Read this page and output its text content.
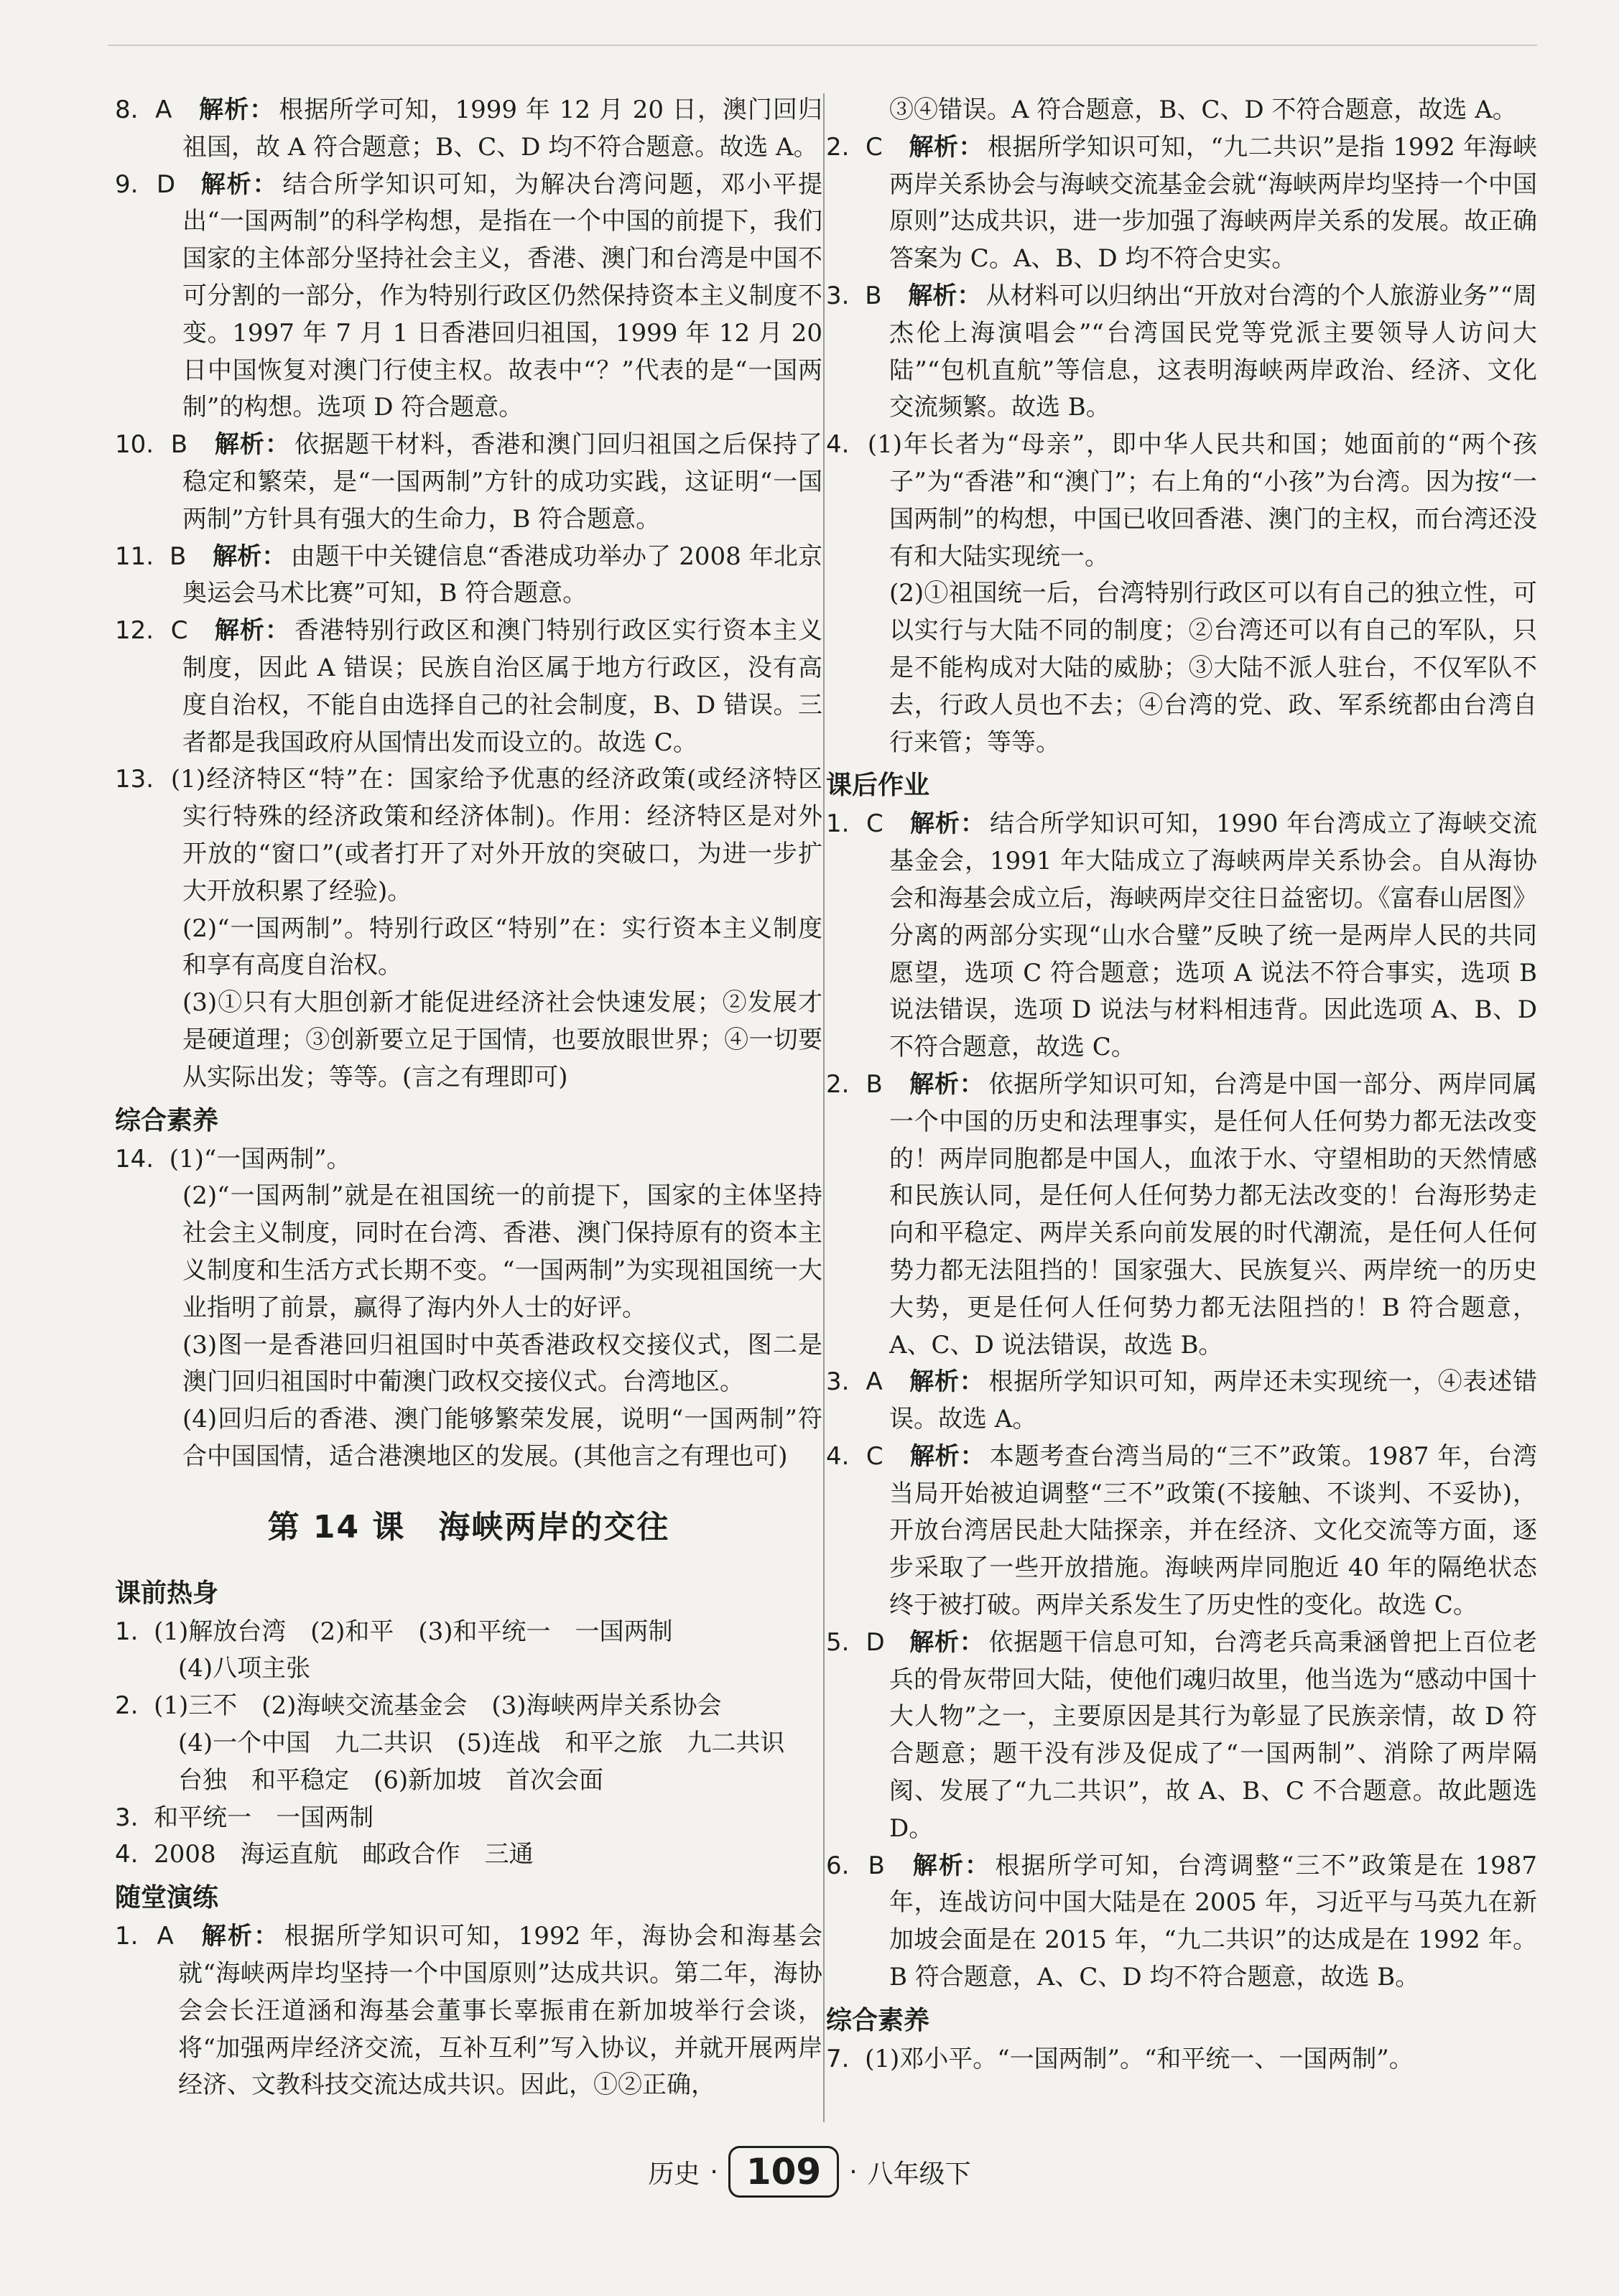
8. A 解析： 根据所学可知，1999 年 12 月 20 日，澳门回归祖国，故 A 符合题意；B、C、D 均不符合题意。故选 A。

9. D 解析： 结合所学知识可知，为解决台湾问题，邓小平提出“一国两制”的科学构想，是指在一个中国的前提下，我们国家的主体部分坚持社会主义，香港、澳门和台湾是中国不可分割的一部分，作为特别行政区仍然保持资本主义制度不变。1997 年 7 月 1 日香港回归祖国，1999 年 12 月 20 日中国恢复对澳门行使主权。故表中“？”代表的是“一国两制”的构想。选项 D 符合题意。

10. B 解析： 依据题干材料，香港和澳门回归祖国之后保持了稳定和繁荣，是“一国两制”方针的成功实践，这证明“一国两制”方针具有强大的生命力，B 符合题意。

11. B 解析： 由题干中关键信息“香港成功举办了 2008 年北京奥运会马术比赛”可知，B 符合题意。

12. C 解析： 香港特别行政区和澳门特别行政区实行资本主义制度，因此 A 错误；民族自治区属于地方行政区，没有高度自治权，不能自由选择自己的社会制度，B、D 错误。三者都是我国政府从国情出发而设立的。故选 C。

13. (1)经济特区“特”在：国家给予优惠的经济政策(或经济特区实行特殊的经济政策和经济体制)。作用：经济特区是对外开放的“窗口”(或者打开了对外开放的突破口，为进一步扩大开放积累了经验)。

(2)“一国两制”。特别行政区“特别”在：实行资本主义制度和享有高度自治权。

(3)①只有大胆创新才能促进经济社会快速发展；②发展才是硬道理；③创新要立足于国情，也要放眼世界；④一切要从实际出发；等等。(言之有理即可)

综合素养

14. (1)“一国两制”。

(2)“一国两制”就是在祖国统一的前提下，国家的主体坚持社会主义制度，同时在台湾、香港、澳门保持原有的资本主义制度和生活方式长期不变。“一国两制”为实现祖国统一大业指明了前景，赢得了海内外人士的好评。

(3)图一是香港回归祖国时中英香港政权交接仪式，图二是澳门回归祖国时中葡澳门政权交接仪式。台湾地区。

(4)回归后的香港、澳门能够繁荣发展，说明“一国两制”符合中国国情，适合港澳地区的发展。(其他言之有理也可)

第 14 课　海峡两岸的交往

课前热身

1. (1)解放台湾　(2)和平　(3)和平统一　一国两制

(4)八项主张

2. (1)三不　(2)海峡交流基金会　(3)海峡两岸关系协会

(4)一个中国　九二共识　(5)连战　和平之旅　九二共识

台独　和平稳定　(6)新加坡　首次会面

3. 和平统一　一国两制

4. 2008　海运直航　邮政合作　三通

随堂演练

1. A 解析： 根据所学知识可知，1992 年，海协会和海基会就“海峡两岸均坚持一个中国原则”达成共识。第二年，海协会会长汪道涵和海基会董事长辜振甫在新加坡举行会谈，将“加强两岸经济交流，互补互利”写入协议，并就开展两岸经济、文教科技交流达成共识。因此，①②正确，

③④错误。A 符合题意，B、C、D 不符合题意，故选 A。

2. C 解析： 根据所学知识可知，“九二共识”是指 1992 年海峡两岸关系协会与海峡交流基金会就“海峡两岸均坚持一个中国原则”达成共识，进一步加强了海峡两岸关系的发展。故正确答案为 C。A、B、D 均不符合史实。

3. B 解析： 从材料可以归纳出“开放对台湾的个人旅游业务”“周杰伦上海演唱会”“台湾国民党等党派主要领导人访问大陆”“包机直航”等信息，这表明海峡两岸政治、经济、文化交流频繁。故选 B。

4. (1)年长者为“母亲”，即中华人民共和国；她面前的“两个孩子”为“香港”和“澳门”；右上角的“小孩”为台湾。因为按“一国两制”的构想，中国已收回香港、澳门的主权，而台湾还没有和大陆实现统一。

(2)①祖国统一后，台湾特别行政区可以有自己的独立性，可以实行与大陆不同的制度；②台湾还可以有自己的军队，只是不能构成对大陆的威胁；③大陆不派人驻台，不仅军队不去，行政人员也不去；④台湾的党、政、军系统都由台湾自行来管；等等。

课后作业

1. C 解析： 结合所学知识可知，1990 年台湾成立了海峡交流基金会，1991 年大陆成立了海峡两岸关系协会。自从海协会和海基会成立后，海峡两岸交往日益密切。《富春山居图》分离的两部分实现“山水合璧”反映了统一是两岸人民的共同愿望，选项 C 符合题意；选项 A 说法不符合事实，选项 B 说法错误，选项 D 说法与材料相违背。因此选项 A、B、D 不符合题意，故选 C。

2. B 解析： 依据所学知识可知，台湾是中国一部分、两岸同属一个中国的历史和法理事实，是任何人任何势力都无法改变的！两岸同胞都是中国人，血浓于水、守望相助的天然情感和民族认同，是任何人任何势力都无法改变的！台海形势走向和平稳定、两岸关系向前发展的时代潮流，是任何人任何势力都无法阻挡的！国家强大、民族复兴、两岸统一的历史大势，更是任何人任何势力都无法阻挡的！B 符合题意，A、C、D 说法错误，故选 B。

3. A 解析： 根据所学知识可知，两岸还未实现统一，④表述错误。故选 A。

4. C 解析： 本题考查台湾当局的“三不”政策。1987 年，台湾当局开始被迫调整“三不”政策(不接触、不谈判、不妥协)，开放台湾居民赴大陆探亲，并在经济、文化交流等方面，逐步采取了一些开放措施。海峡两岸同胞近 40 年的隔绝状态终于被打破。两岸关系发生了历史性的变化。故选 C。

5. D 解析： 依据题干信息可知，台湾老兵高秉涵曾把上百位老兵的骨灰带回大陆，使他们魂归故里，他当选为“感动中国十大人物”之一，主要原因是其行为彰显了民族亲情，故 D 符合题意；题干没有涉及促成了“一国两制”、消除了两岸隔阂、发展了“九二共识”，故 A、B、C 不合题意。故此题选 D。

6. B 解析： 根据所学可知，台湾调整“三不”政策是在 1987 年，连战访问中国大陆是在 2005 年，习近平与马英九在新加坡会面是在 2015 年，“九二共识”的达成是在 1992 年。B 符合题意，A、C、D 均不符合题意，故选 B。

综合素养

7. (1)邓小平。“一国两制”。“和平统一、一国两制”。

历史 · 109	· 八年级下
